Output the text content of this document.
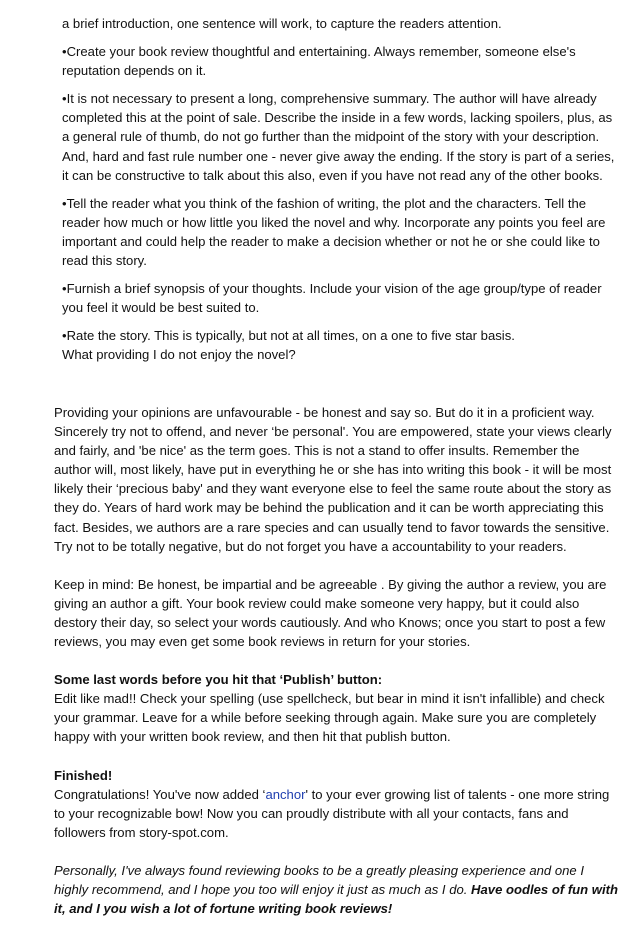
a brief introduction, one sentence will work, to capture the readers attention.

•Create your book review thoughtful and entertaining. Always remember, someone else's reputation depends on it.

•It is not necessary to present a long, comprehensive summary. The author will have already completed this at the point of sale. Describe the inside in a few words, lacking spoilers, plus, as a general rule of thumb, do not go further than the midpoint of the story with your description. And, hard and fast rule number one - never give away the ending. If the story is part of a series, it can be constructive to talk about this also, even if you have not read any of the other books.

•Tell the reader what you think of the fashion of writing, the plot and the characters. Tell the reader how much or how little you liked the novel and why. Incorporate any points you feel are important and could help the reader to make a decision whether or not he or she could like to read this story.

•Furnish a brief synopsis of your thoughts. Include your vision of the age group/type of reader you feel it would be best suited to.

•Rate the story. This is typically, but not at all times, on a one to five star basis.
What providing I do not enjoy the novel?

Providing your opinions are unfavourable - be honest and say so. But do it in a proficient way. Sincerely try not to offend, and never ‘be personal'. You are empowered, state your views clearly and fairly, and 'be nice' as the term goes. This is not a stand to offer insults. Remember the author will, most likely, have put in everything he or she has into writing this book - it will be most likely their ‘precious baby' and they want everyone else to feel the same route about the story as they do. Years of hard work may be behind the publication and it can be worth appreciating this fact. Besides, we authors are a rare species and can usually tend to favor towards the sensitive. Try not to be totally negative, but do not forget you have a accountability to your readers.

Keep in mind: Be honest, be impartial and be agreeable . By giving the author a review, you are giving an author a gift. Your book review could make someone very happy, but it could also destory their day, so select your words cautiously. And who Knows; once you start to post a few reviews, you may even get some book reviews in return for your stories.

Some last words before you hit that ‘Publish’ button:
Edit like mad!! Check your spelling (use spellcheck, but bear in mind it isn't infallible) and check your grammar. Leave for a while before seeking through again. Make sure you are completely happy with your written book review, and then hit that publish button.

Finished!
Congratulations! You've now added ‘anchor' to your ever growing list of talents - one more string to your recognizable bow! Now you can proudly distribute with all your contacts, fans and followers from story-spot.com.

Personally, I've always found reviewing books to be a greatly pleasing experience and one I highly recommend, and I hope you too will enjoy it just as much as I do. Have oodles of fun with it, and I you wish a lot of fortune writing book reviews!
